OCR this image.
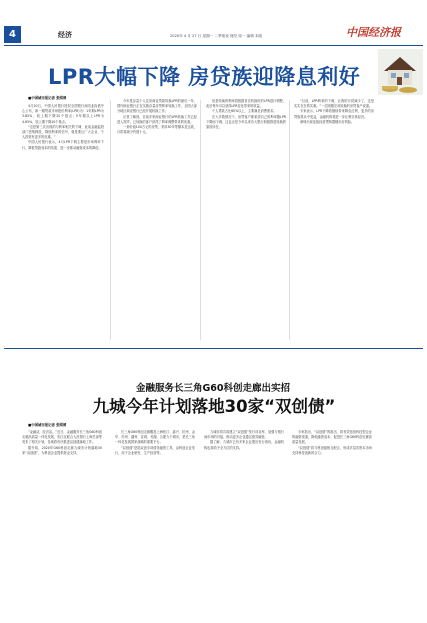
4	经济	2020年 4 月 27 日 星期一 二季报表 财经 周一 编辑 本版	中国经济报
LPR大幅下降 房贷族迎降息利好
■中国城市报记者 张网博

4月20日，中国人民银行授权全国银行间同业拆借中心公布，新一期贷款市场报价利率(LPR)为：1年期LPR为3.85%，较上期下降20个基点；5年期以上LPR为4.65%，较上期下降10个基点。

“这是第三次出现的与利率相关的下调，此前金融监管部门密集释放，降低利率的信号，就是要让广大企业、个人投资有更多的优惠。”

中国人民银行表示，4月LPR下调主要是市场利率下行，降低贷款成本的结果，进一步推动融资成本的降低。

今年是存量个人住房商业贷款转换LPR的最后一年，国内商业银行正在实施存量房贷利率转换工作，全国大部分地区商业银行已经开展转换工作。

记者了解到，目前多家商业银行的LPR转换工作已经进入尾声，已转换的客户获得了利率调整带来的优惠。

一套价值100万元的房贷，采用30年等额本息还款，月供将减少约数十元。

但是转换的利率将根据首次转换时的LPR进行调整，此后每年可以获得LPR变化带来的收益。

个人贷款占比60%以上，主要满足消费需求。

在大多数情况下，房贷客户都希望自己的利率随LPR下降而下调，这也正是今年以来各大银行积极推进转换的原因所在。

“目前，LPR利率的下调，让我的月供减少了，这是实实在在的实惠。”一位刚刚完成转换的房贷客户说道。

专家表示，LPR下降将继续带来降息红利，更多的房贷族将从中受益，金融机构将进一步让利实体经济。

深圳出现连续经营贷购置楼市房风险。

金融服务长三角G60科创走廊出实招
九城今年计划落地30家“双创债”
■中国城市报记者 张网博

“金融活，经济活。”近日，金融服务长三角G60科创走廊高质量一体化发展，松江区联合人民银行上海总部等发布了相关计划，各地将有序推进双创债落地工作。

据介绍，2020年G60科创走廊九城市计划落地30家“双创债”，为科创企业提供资金支持。

长三角G60科创走廊覆盖上海松江、嘉兴、杭州、金华、苏州、湖州、宣城、芜湖、合肥九个城市，是长三角一体化发展国家战略的重要平台。

“双创债”是指双创专项债务融资工具，由科创企业发行，用于企业研发、生产经营等。

九城市将共同建立“双创债”发行项目库，加强与银行间市场的对接，推动更多企业通过债券融资。

据了解，九城市已有多家企业提出发行意向，金融机构也将给予全方位的支持。

专家指出，“双创债”的推出，将有效拓宽科技型企业的融资渠道，降低融资成本，促进长三角G60科创走廊高质量发展。

“双创债”将与科创板相互配合，形成多层次资本市场支持科技创新的合力。
